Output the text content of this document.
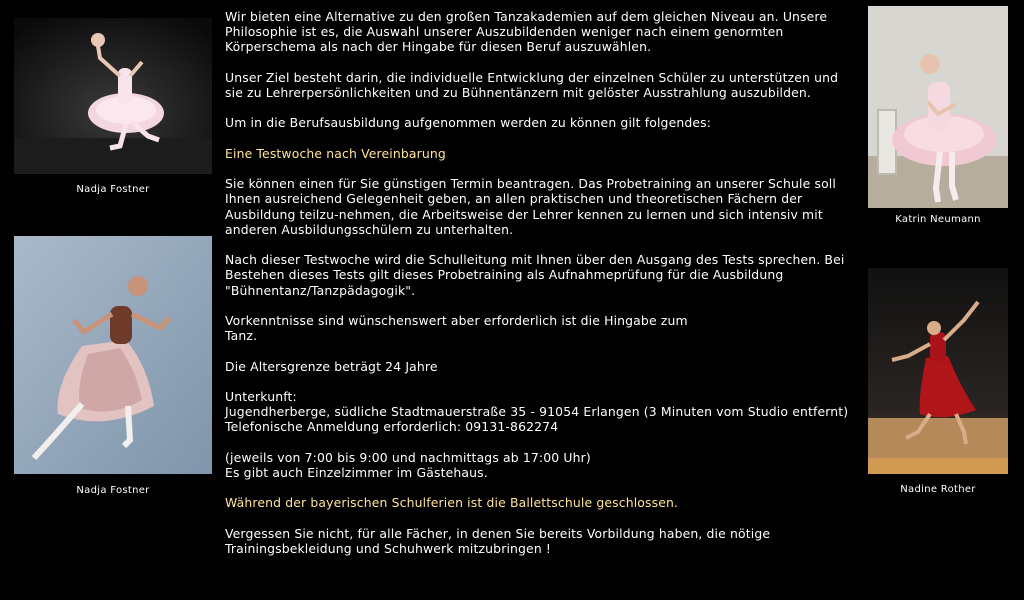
Nadja Fostner
Nadja Fostner
Katrin Neumann
Nadine Rother

Wir bieten eine Alternative zu den großen Tanzakademien auf dem gleichen Niveau an. Unsere Philosophie ist es, die Auswahl unserer Auszubildenden weniger nach einem genormten Körperschema als nach der Hingabe für diesen Beruf auszuwählen.

Unser Ziel besteht darin, die individuelle Entwicklung der einzelnen Schüler zu unterstützen und sie zu Lehrerpersönlichkeiten und zu Bühnentänzern mit gelöster Ausstrahlung auszubilden.

Um in die Berufsausbildung aufgenommen werden zu können gilt folgendes:

Eine Testwoche nach Vereinbarung

Sie können einen für Sie günstigen Termin beantragen. Das Probetraining an unserer Schule soll Ihnen ausreichend Gelegenheit geben, an allen praktischen und theoretischen Fächern der Ausbildung teilzu-nehmen, die Arbeitsweise der Lehrer kennen zu lernen und sich intensiv mit anderen Ausbildungsschülern zu unterhalten.

Nach dieser Testwoche wird die Schulleitung mit Ihnen über den Ausgang des Tests sprechen. Bei Bestehen dieses Tests gilt dieses Probetraining als Aufnahmeprüfung für die Ausbildung "Bühnentanz/Tanzpädagogik".

Vorkenntnisse sind wünschenswert aber erforderlich ist die Hingabe zum
Tanz.

Die Altersgrenze beträgt 24 Jahre

Unterkunft:
Jugendherberge, südliche Stadtmauerstraße 35 - 91054 Erlangen (3 Minuten vom Studio entfernt)
Telefonische Anmeldung erforderlich: 09131-862274

(jeweils von 7:00 bis 9:00 und nachmittags ab 17:00 Uhr)
Es gibt auch Einzelzimmer im Gästehaus.

Während der bayerischen Schulferien ist die Ballettschule geschlossen.

Vergessen Sie nicht, für alle Fächer, in denen Sie bereits Vorbildung haben, die nötige Trainingsbekleidung und Schuhwerk mitzubringen !
